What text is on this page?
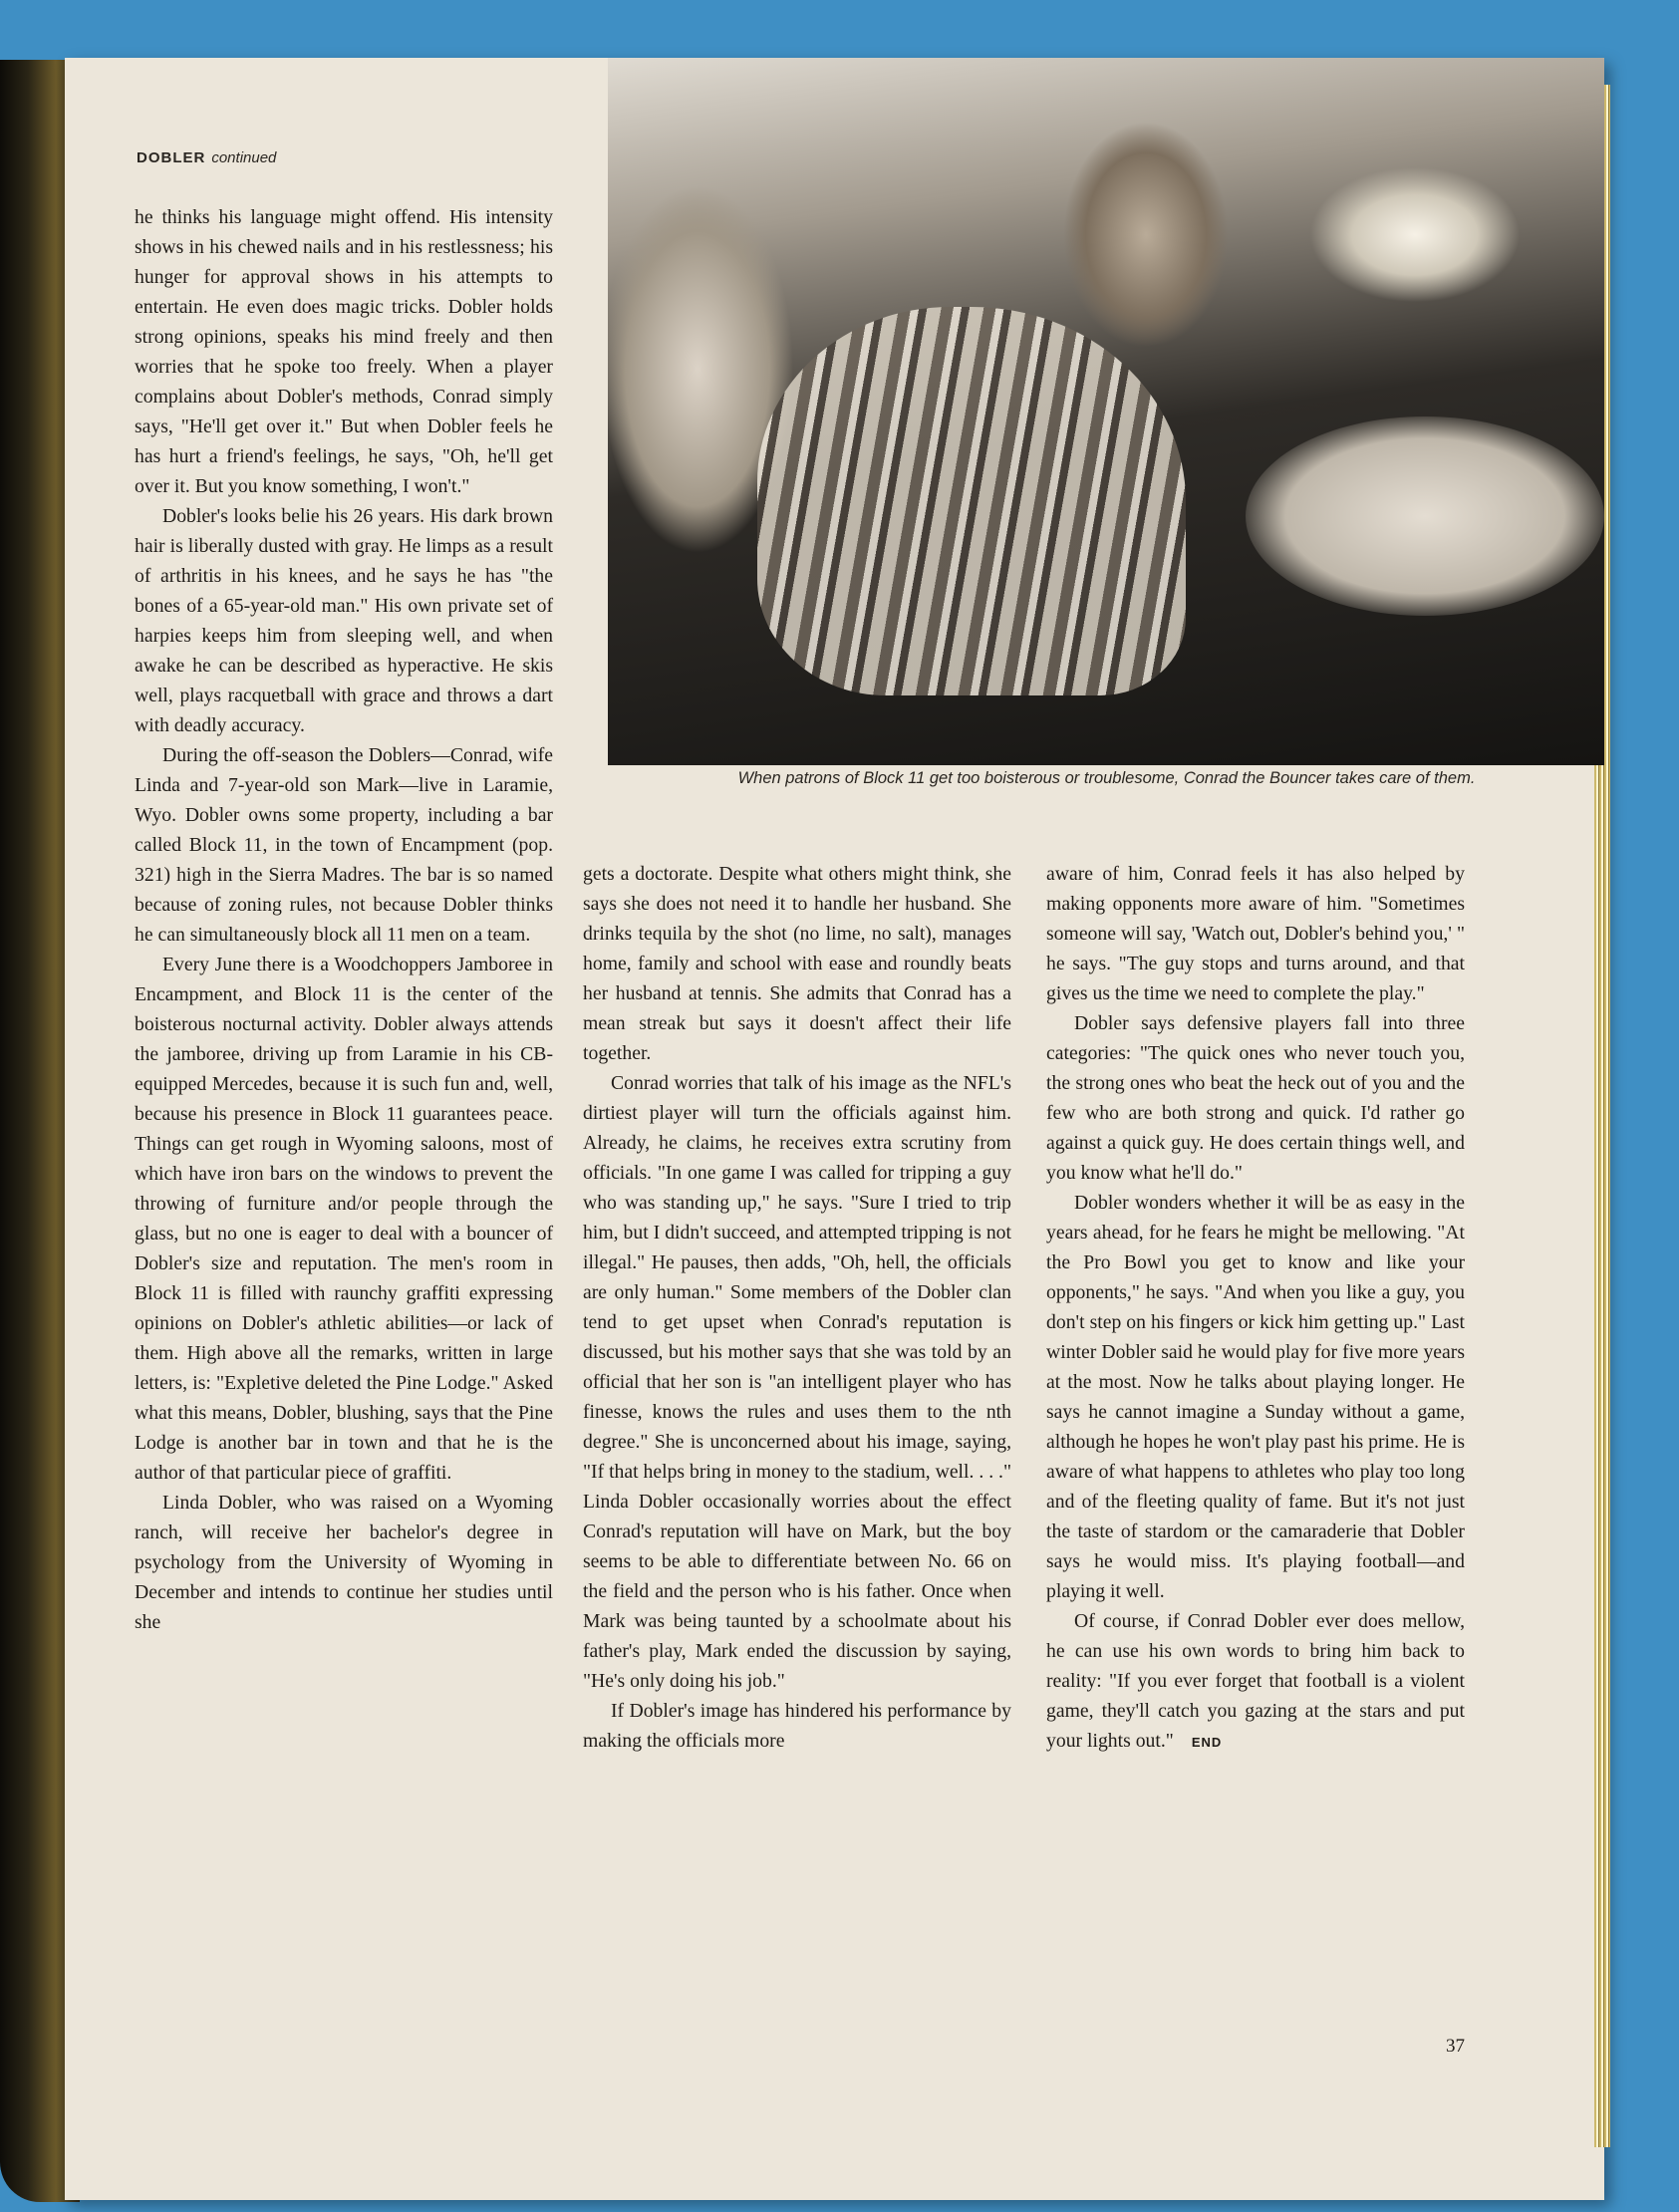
When patrons of Block 11 get too boisterous or troublesome, Conrad the Bouncer takes care of them.
DOBLER continued

he thinks his language might offend. His intensity shows in his chewed nails and in his restlessness; his hunger for approval shows in his attempts to entertain. He even does magic tricks. Dobler holds strong opinions, speaks his mind freely and then worries that he spoke too freely. When a player complains about Dobler's methods, Conrad simply says, "He'll get over it." But when Dobler feels he has hurt a friend's feelings, he says, "Oh, he'll get over it. But you know something, I won't."

Dobler's looks belie his 26 years. His dark brown hair is liberally dusted with gray. He limps as a result of arthritis in his knees, and he says he has "the bones of a 65-year-old man." His own private set of harpies keeps him from sleeping well, and when awake he can be described as hyperactive. He skis well, plays racquetball with grace and throws a dart with deadly accuracy.

During the off-season the Doblers—Conrad, wife Linda and 7-year-old son Mark—live in Laramie, Wyo. Dobler owns some property, including a bar called Block 11, in the town of Encampment (pop. 321) high in the Sierra Madres. The bar is so named because of zoning rules, not because Dobler thinks he can simultaneously block all 11 men on a team.

Every June there is a Woodchoppers Jamboree in Encampment, and Block 11 is the center of the boisterous nocturnal activity. Dobler always attends the jamboree, driving up from Laramie in his CB-equipped Mercedes, because it is such fun and, well, because his presence in Block 11 guarantees peace. Things can get rough in Wyoming saloons, most of which have iron bars on the windows to prevent the throwing of furniture and/or people through the glass, but no one is eager to deal with a bouncer of Dobler's size and reputation. The men's room in Block 11 is filled with raunchy graffiti expressing opinions on Dobler's athletic abilities—or lack of them. High above all the remarks, written in large letters, is: "Expletive deleted the Pine Lodge." Asked what this means, Dobler, blushing, says that the Pine Lodge is another bar in town and that he is the author of that particular piece of graffiti.

Linda Dobler, who was raised on a Wyoming ranch, will receive her bachelor's degree in psychology from the University of Wyoming in December and intends to continue her studies until she

gets a doctorate. Despite what others might think, she says she does not need it to handle her husband. She drinks tequila by the shot (no lime, no salt), manages home, family and school with ease and roundly beats her husband at tennis. She admits that Conrad has a mean streak but says it doesn't affect their life together.

Conrad worries that talk of his image as the NFL's dirtiest player will turn the officials against him. Already, he claims, he receives extra scrutiny from officials. "In one game I was called for tripping a guy who was standing up," he says. "Sure I tried to trip him, but I didn't succeed, and attempted tripping is not illegal." He pauses, then adds, "Oh, hell, the officials are only human." Some members of the Dobler clan tend to get upset when Conrad's reputation is discussed, but his mother says that she was told by an official that her son is "an intelligent player who has finesse, knows the rules and uses them to the nth degree." She is unconcerned about his image, saying, "If that helps bring in money to the stadium, well. . . ." Linda Dobler occasionally worries about the effect Conrad's reputation will have on Mark, but the boy seems to be able to differentiate between No. 66 on the field and the person who is his father. Once when Mark was being taunted by a schoolmate about his father's play, Mark ended the discussion by saying, "He's only doing his job."

If Dobler's image has hindered his performance by making the officials more

aware of him, Conrad feels it has also helped by making opponents more aware of him. "Sometimes someone will say, 'Watch out, Dobler's behind you,' " he says. "The guy stops and turns around, and that gives us the time we need to complete the play."

Dobler says defensive players fall into three categories: "The quick ones who never touch you, the strong ones who beat the heck out of you and the few who are both strong and quick. I'd rather go against a quick guy. He does certain things well, and you know what he'll do."

Dobler wonders whether it will be as easy in the years ahead, for he fears he might be mellowing. "At the Pro Bowl you get to know and like your opponents," he says. "And when you like a guy, you don't step on his fingers or kick him getting up." Last winter Dobler said he would play for five more years at the most. Now he talks about playing longer. He says he cannot imagine a Sunday without a game, although he hopes he won't play past his prime. He is aware of what happens to athletes who play too long and of the fleeting quality of fame. But it's not just the taste of stardom or the camaraderie that Dobler says he would miss. It's playing football—and playing it well.

Of course, if Conrad Dobler ever does mellow, he can use his own words to bring him back to reality: "If you ever forget that football is a violent game, they'll catch you gazing at the stars and put your lights out." END

37
